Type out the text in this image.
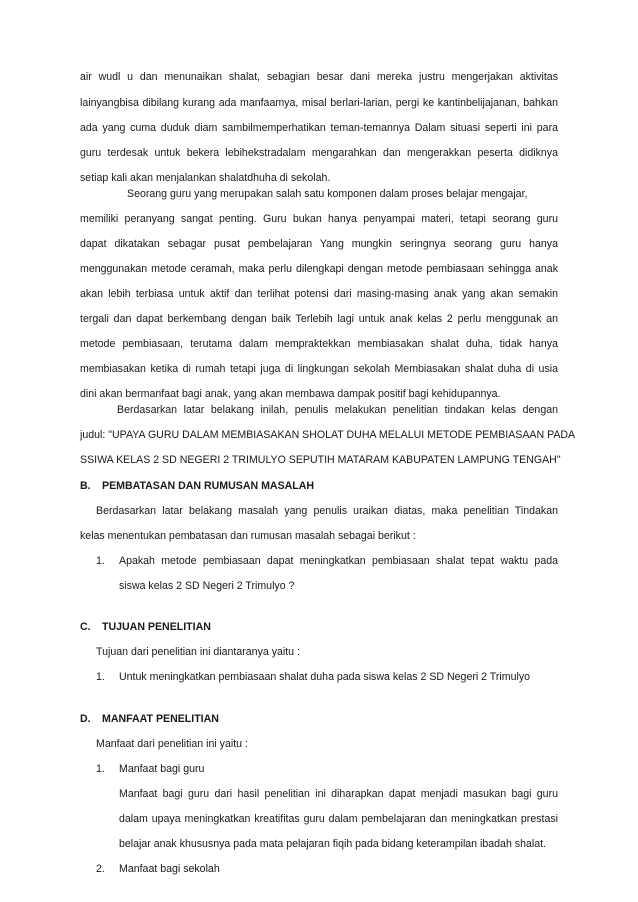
air wudl u dan menunaikan shalat, sebagian besar dani mereka justru mengerjakan aktivitas
lainyangbisa dibilang kurang ada manfaamya, misal berlari-larian, pergi ke kantinbelijajanan, bahkan
ada yang cuma duduk diam sambilmemperhatikan teman-temannya Dalam situasi seperti ini para
guru terdesak untuk bekera lebihekstradalam mengarahkan dan mengerakkan peserta didiknya
setiap kali akan menjalankan shalatdhuha di sekolah.
Seorang guru yang merupakan salah satu komponen dalam proses belajar mengajar,
memiliki peranyang sangat penting. Guru bukan hanya penyampai materi, tetapi seorang guru
dapat dikatakan sebagar pusat pembelajaran Yang mungkin seringnya seorang guru hanya
menggunakan metode ceramah, maka perlu dilengkapi dengan metode pembiasaan sehingga anak
akan lebih terbiasa untuk aktif dan terlihat potensi dari masing-masing anak yang akan semakin
tergali dan dapat berkembang dengan baik Terlebih lagi untuk anak kelas 2 perlu menggunak an
metode pembiasaan, terutama dalam mempraktekkan membiasakan shalat duha, tidak hanya
membiasakan ketika di rumah tetapi juga di lingkungan sekolah Membiasakan shalat duha di usia
dini akan bermanfaat bagi anak, yang akan membawa dampak positif bagi kehidupannya.
Berdasarkan latar belakang inilah, penulis melakukan penelitian tindakan kelas dengan
judul: "UPAYA GURU DALAM MEMBIASAKAN SHOLAT DUHA MELALUI METODE PEMBIASAAN PADA
SSIWA KELAS 2 SD NEGERI 2 TRIMULYO SEPUTIH MATARAM KABUPATEN LAMPUNG TENGAH"
B. PEMBATASAN DAN RUMUSAN MASALAH
Berdasarkan latar belakang masalah yang penulis uraikan diatas, maka penelitian Tindakan
kelas menentukan pembatasan dan rumusan masalah sebagai berikut :
1. Apakah metode pembiasaan dapat meningkatkan pembiasaan shalat tepat waktu pada
siswa kelas 2 SD Negeri 2 Trimulyo ?
C. TUJUAN PENELITIAN
Tujuan dari penelitian ini diantaranya yaitu :
1. Untuk meningkatkan pembiasaan shalat duha pada siswa kelas 2 SD Negeri 2 Trimulyo
D. MANFAAT PENELITIAN
Manfaat dari penelitian ini yaitu :
1. Manfaat bagi guru
Manfaat bagi guru dari hasil penelitian ini diharapkan dapat menjadi masukan bagi guru
dalam upaya meningkatkan kreatifitas guru dalam pembelajaran dan meningkatkan prestasi
belajar anak khususnya pada mata pelajaran fiqih pada bidang keterampilan ibadah shalat.
2. Manfaat bagi sekolah
